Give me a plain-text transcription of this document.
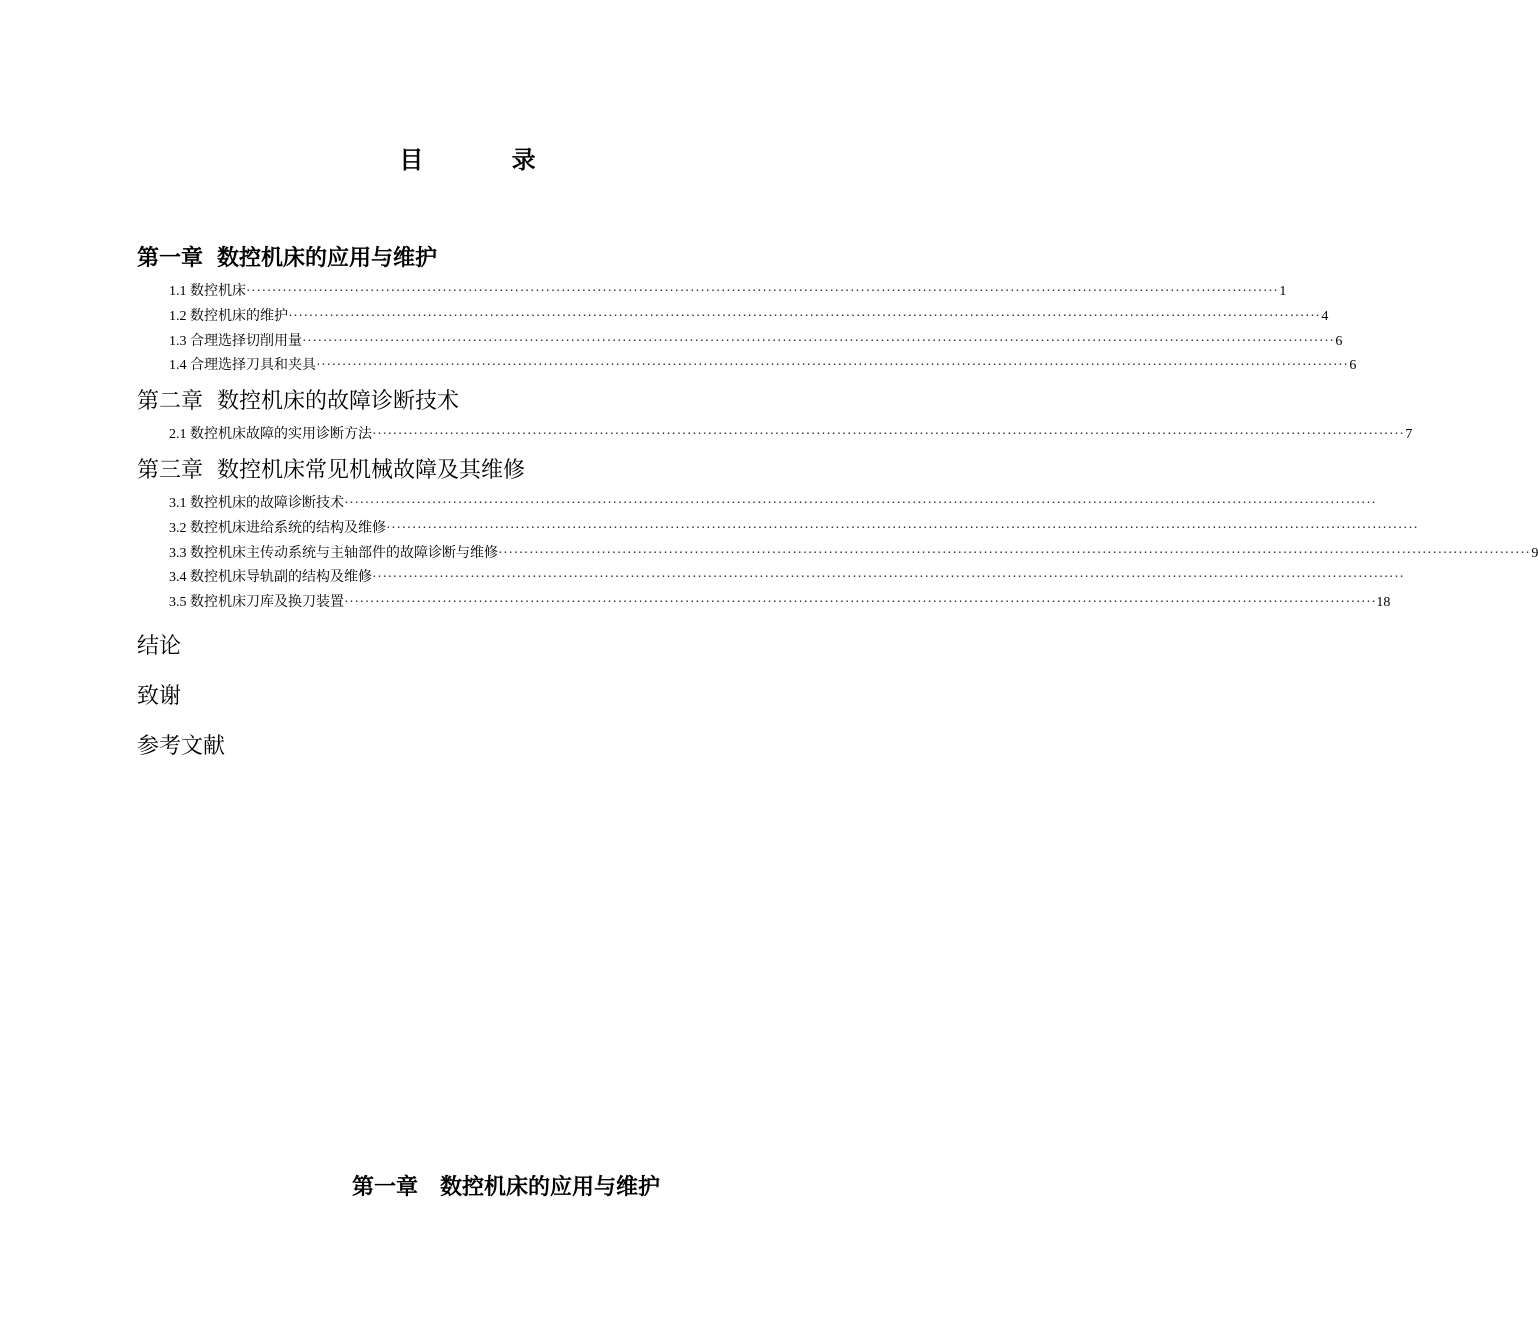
目 录
第一章 数控机床的应用与维护
1.1 数控机床 ········································································································································································································ 1
1.2 数控机床的维护 ········································································································································································································ 4
1.3 合理选择切削用量 ········································································································································································································ 6
1.4 合理选择刀具和夹具 ········································································································································································································ 6
第二章 数控机床的故障诊断技术
2.1 数控机床故障的实用诊断方法 ········································································································································································································ 7
第三章 数控机床常见机械故障及其维修
3.1 数控机床的故障诊断技术 ········································································································································································································
3.2 数控机床进给系统的结构及维修 ········································································································································································································
3.3 数控机床主传动系统与主轴部件的故障诊断与维修 ········································································································································································································ 9
3.4 数控机床导轨副的结构及维修 ········································································································································································································
3.5 数控机床刀库及换刀装置 ········································································································································································································ 18
结论
致谢
参考文献
第一章　数控机床的应用与维护
